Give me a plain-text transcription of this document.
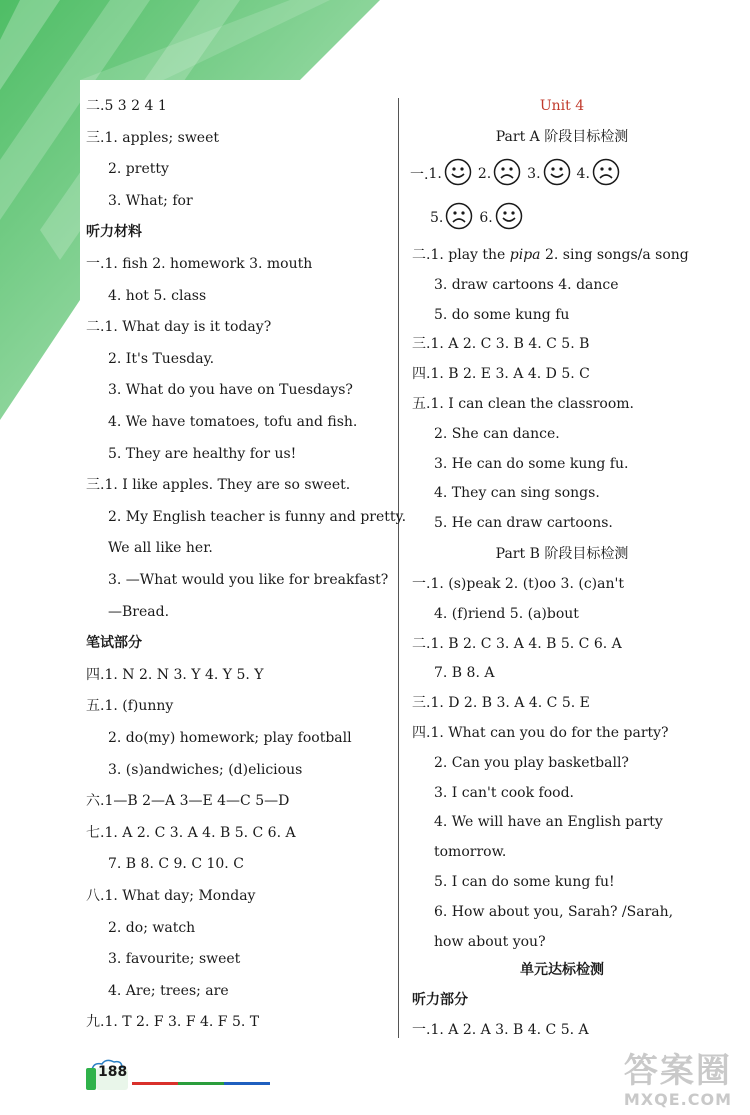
二.5 3 2 4 1
三.1. apples; sweet
2. pretty
3. What; for
听力材料
一.1. fish 2. homework 3. mouth
4. hot 5. class
二.1. What day is it today?
2. It's Tuesday.
3. What do you have on Tuesdays?
4. We have tomatoes, tofu and fish.
5. They are healthy for us!
三.1. I like apples. They are so sweet.
2. My English teacher is funny and pretty.
We all like her.
3. —What would you like for breakfast?
—Bread.
笔试部分
四.1. N 2. N 3. Y 4. Y 5. Y
五.1. (f)unny
2. do(my) homework; play football
3. (s)andwiches; (d)elicious
六.1—B 2—A 3—E 4—C 5—D
七.1. A 2. C 3. A 4. B 5. C 6. A
7. B 8. C 9. C 10. C
八.1. What day; Monday
2. do; watch
3. favourite; sweet
4. Are; trees; are
九.1. T 2. F 3. F 4. F 5. T
Unit 4
Part A 阶段目标检测
一. 1.	2.	3.	4.
5.	6.
二.1. play the pipa 2. sing songs/a song
3. draw cartoons 4. dance
5. do some kung fu
三.1. A 2. C 3. B 4. C 5. B
四.1. B 2. E 3. A 4. D 5. C
五.1. I can clean the classroom.
2. She can dance.
3. He can do some kung fu.
4. They can sing songs.
5. He can draw cartoons.
Part B 阶段目标检测
一.1. (s)peak 2. (t)oo 3. (c)an't
4. (f)riend 5. (a)bout
二.1. B 2. C 3. A 4. B 5. C 6. A
7. B 8. A
三.1. D 2. B 3. A 4. C 5. E
四.1. What can you do for the party?
2. Can you play basketball?
3. I can't cook food.
4. We will have an English party
tomorrow.
5. I can do some kung fu!
6. How about you, Sarah? /Sarah,
how about you?
单元达标检测
听力部分
一.1. A 2. A 3. B 4. C 5. A
188	答案圈
MXQE.COM
